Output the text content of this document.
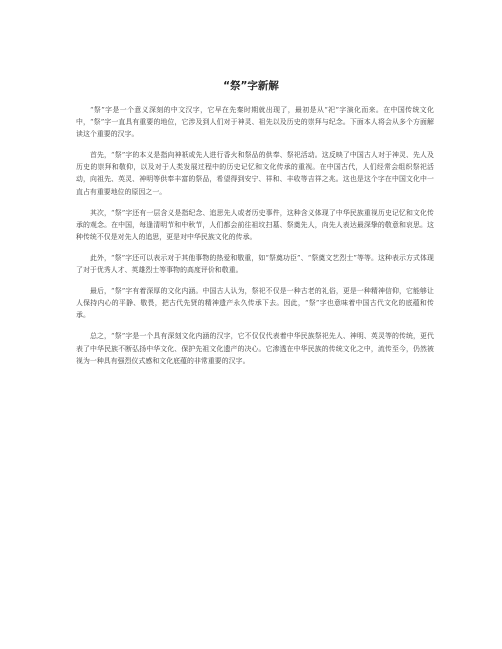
“祭”字新解

“祭”字是一个意义深刻的中文汉字，它早在先秦时期就出现了，最初是从“祀”字演化而来。在中国传统文化中，“祭”字一直具有重要的地位，它涉及到人们对于神灵、祖先以及历史的崇拜与纪念。下面本人将会从多个方面解读这个重要的汉字。

首先，“祭”字的本义是指向神祇或先人进行香火和祭品的供奉、祭祀活动。这反映了中国古人对于神灵、先人及历史的崇拜和敬仰，以及对于人类发展过程中的历史记忆和文化传承的重视。在中国古代，人们经常会组织祭祀活动，向祖先、英灵、神明等供奉丰富的祭品，希望得到安宁、祥和、丰收等吉祥之兆。这也是这个字在中国文化中一直占有重要地位的原因之一。

其次，“祭”字还有一层含义是指纪念、追思先人或者历史事件，这种含义体现了中华民族重视历史记忆和文化传承的观念。在中国，每逢清明节和中秋节，人们都会前往祖坟扫墓、祭奠先人，向先人表达最深挚的敬意和哀思。这种传统不仅是对先人的追思，更是对中华民族文化的传承。

此外，“祭”字还可以表示对于其他事物的热爱和敬重，如“祭奠功臣”、“祭奠文艺烈士”等等。这种表示方式体现了对于优秀人才、英雄烈士等事物的高度评价和敬重。

最后，“祭”字有着深厚的文化内涵。中国古人认为，祭祀不仅是一种古老的礼俗，更是一种精神信仰，它能够让人保持内心的平静、敬畏，把古代先贤的精神遗产永久传承下去。因此，“祭”字也意味着中国古代文化的底蕴和传承。

总之，“祭”字是一个具有深刻文化内涵的汉字，它不仅仅代表着中华民族祭祀先人、神明、英灵等的传统，更代表了中华民族不断弘扬中华文化、保护先祖文化遗产的决心。它渗透在中华民族的传统文化之中，流传至今，仍然被视为一种具有强烈仪式感和文化底蕴的非常重要的汉字。
